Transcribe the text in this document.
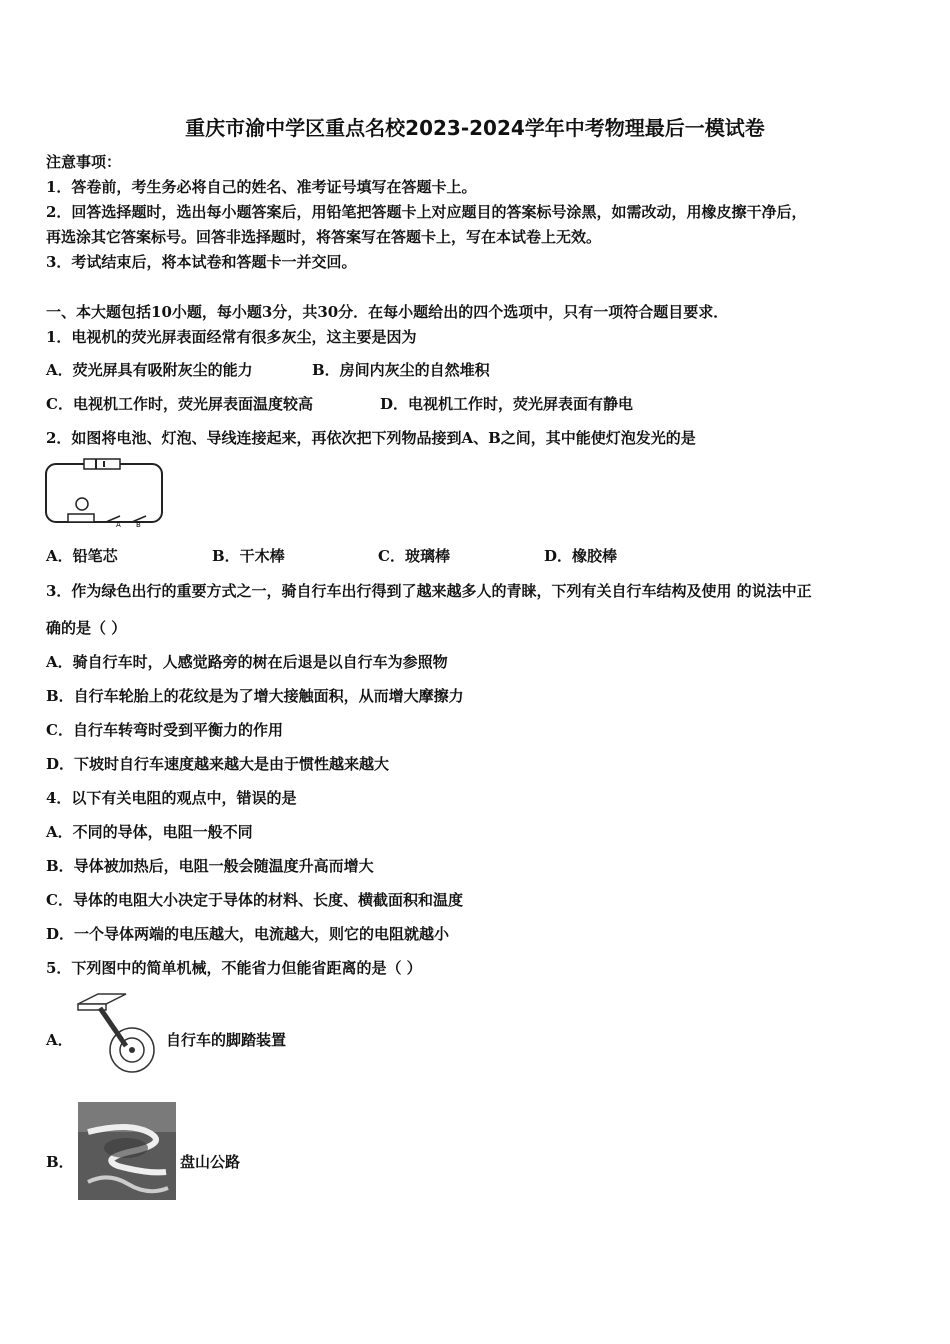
重庆市渝中学区重点名校2023-2024学年中考物理最后一模试卷
注意事项：
1．答卷前，考生务必将自己的姓名、准考证号填写在答题卡上。
2．回答选择题时，选出每小题答案后，用铅笔把答题卡上对应题目的答案标号涂黑，如需改动，用橡皮擦干净后，
再选涂其它答案标号。回答非选择题时，将答案写在答题卡上，写在本试卷上无效。
3．考试结束后，将本试卷和答题卡一并交回。
一、本大题包括10小题，每小题3分，共30分．在每小题给出的四个选项中，只有一项符合题目要求．
1．电视机的荧光屏表面经常有很多灰尘，这主要是因为
A．荧光屏具有吸附灰尘的能力	B．房间内灰尘的自然堆积
C．电视机工作时，荧光屏表面温度较高	D．电视机工作时，荧光屏表面有静电
2．如图将电池、灯泡、导线连接起来，再依次把下列物品接到A、B之间，其中能使灯泡发光的是
A B
A．铅笔芯	B．干木棒	C．玻璃棒	D．橡胶棒
3．作为绿色出行的重要方式之一，骑自行车出行得到了越来越多人的青睐，下列有关自行车结构及使用 的说法中正
确的是（ ）
A．骑自行车时，人感觉路旁的树在后退是以自行车为参照物
B．自行车轮胎上的花纹是为了增大接触面积，从而增大摩擦力
C．自行车转弯时受到平衡力的作用
D．下坡时自行车速度越来越大是由于惯性越来越大
4．以下有关电阻的观点中，错误的是
A．不同的导体，电阻一般不同
B．导体被加热后，电阻一般会随温度升高而增大
C．导体的电阻大小决定于导体的材料、长度、横截面积和温度
D．一个导体两端的电压越大，电流越大，则它的电阻就越小
5．下列图中的简单机械，不能省力但能省距离的是（ ）
A．	自行车的脚踏装置
B．	盘山公路
